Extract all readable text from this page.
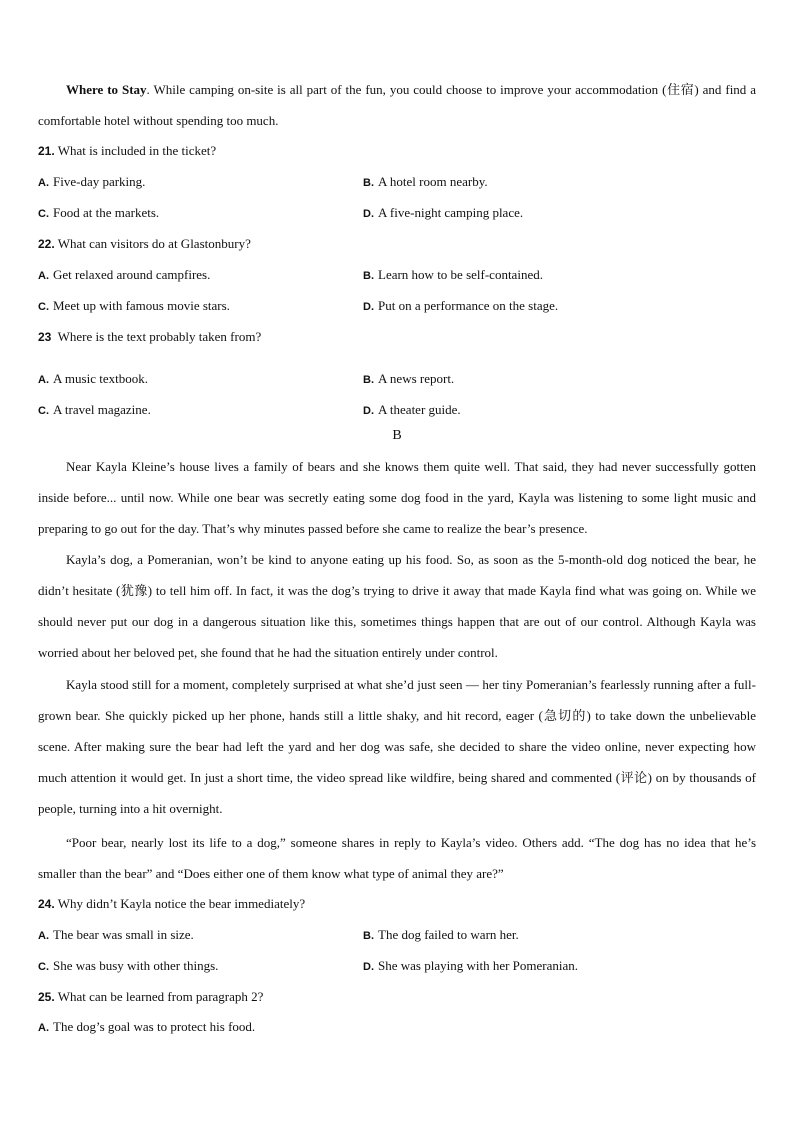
Where to Stay. While camping on-site is all part of the fun, you could choose to improve your accommodation (住宿) and find a comfortable hotel without spending too much.
21. What is included in the ticket?
A. Five-day parking.	B. A hotel room nearby.
C. Food at the markets.	D. A five-night camping place.
22. What can visitors do at Glastonbury?
A. Get relaxed around campfires.	B. Learn how to be self-contained.
C. Meet up with famous movie stars.	D. Put on a performance on the stage.
23 Where is the text probably taken from?
A. A music textbook.	B. A news report.
C. A travel magazine.	D. A theater guide.
B
Near Kayla Kleine’s house lives a family of bears and she knows them quite well. That said, they had never successfully gotten inside before... until now. While one bear was secretly eating some dog food in the yard, Kayla was listening to some light music and preparing to go out for the day. That’s why minutes passed before she came to realize the bear’s presence.
Kayla’s dog, a Pomeranian, won’t be kind to anyone eating up his food. So, as soon as the 5-month-old dog noticed the bear, he didn’t hesitate (犹豫) to tell him off. In fact, it was the dog’s trying to drive it away that made Kayla find what was going on. While we should never put our dog in a dangerous situation like this, sometimes things happen that are out of our control. Although Kayla was worried about her beloved pet, she found that he had the situation entirely under control.
Kayla stood still for a moment, completely surprised at what she’d just seen — her tiny Pomeranian’s fearlessly running after a full-grown bear. She quickly picked up her phone, hands still a little shaky, and hit record, eager (急切的) to take down the unbelievable scene. After making sure the bear had left the yard and her dog was safe, she decided to share the video online, never expecting how much attention it would get. In just a short time, the video spread like wildfire, being shared and commented (评论) on by thousands of people, turning into a hit overnight.
“Poor bear, nearly lost its life to a dog,” someone shares in reply to Kayla’s video. Others add. “The dog has no idea that he’s smaller than the bear” and “Does either one of them know what type of animal they are?”
24. Why didn’t Kayla notice the bear immediately?
A. The bear was small in size.	B. The dog failed to warn her.
C. She was busy with other things.	D. She was playing with her Pomeranian.
25. What can be learned from paragraph 2?
A. The dog’s goal was to protect his food.
